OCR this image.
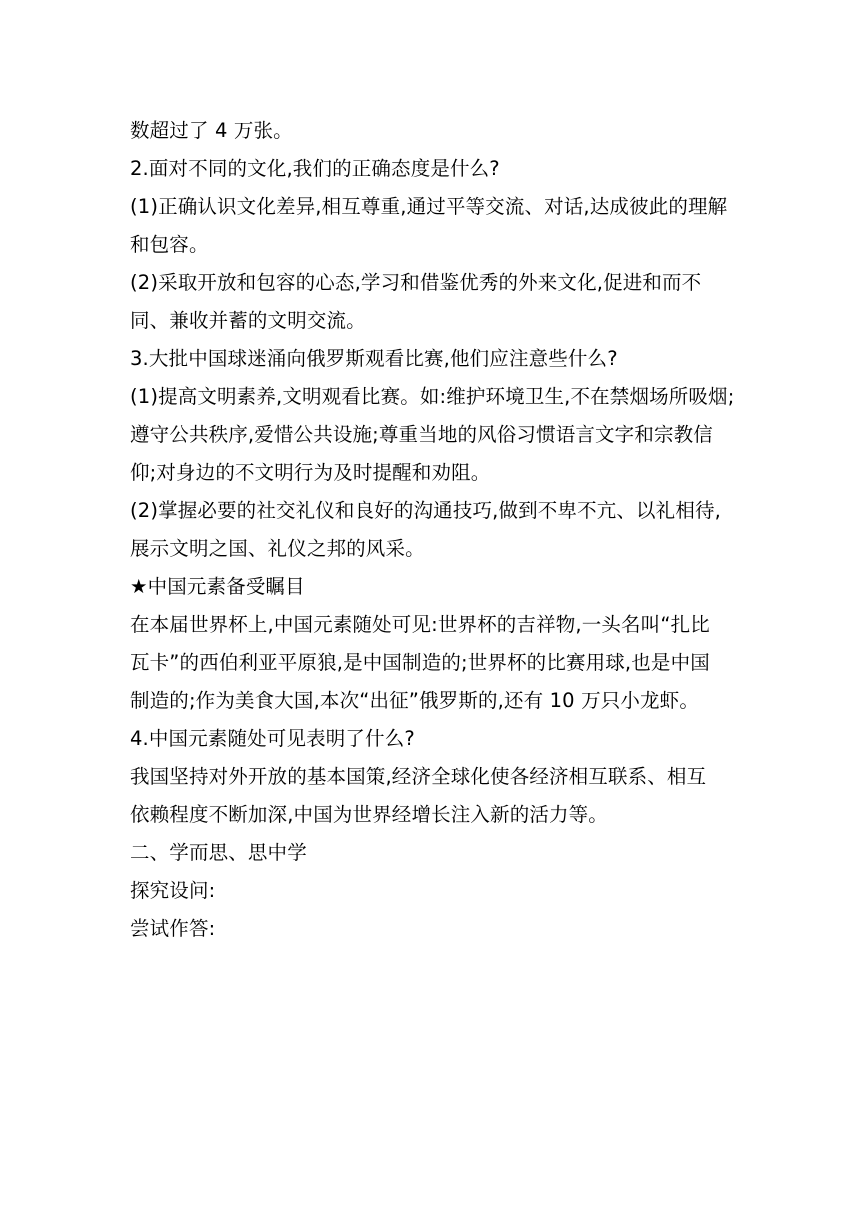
数超过了 4 万张。
2.面对不同的文化,我们的正确态度是什么?
(1)正确认识文化差异,相互尊重,通过平等交流、对话,达成彼此的理解
和包容。
(2)采取开放和包容的心态,学习和借鉴优秀的外来文化,促进和而不
同、兼收并蓄的文明交流。
3.大批中国球迷涌向俄罗斯观看比赛,他们应注意些什么?
(1)提高文明素养,文明观看比赛。如:维护环境卫生,不在禁烟场所吸烟;
遵守公共秩序,爱惜公共设施;尊重当地的风俗习惯语言文字和宗教信
仰;对身边的不文明行为及时提醒和劝阻。
(2)掌握必要的社交礼仪和良好的沟通技巧,做到不卑不亢、以礼相待,
展示文明之国、礼仪之邦的风采。
★中国元素备受瞩目
在本届世界杯上,中国元素随处可见:世界杯的吉祥物,一头名叫“扎比
瓦卡”的西伯利亚平原狼,是中国制造的;世界杯的比赛用球,也是中国
制造的;作为美食大国,本次“出征”俄罗斯的,还有 10 万只小龙虾。
4.中国元素随处可见表明了什么?
我国坚持对外开放的基本国策,经济全球化使各经济相互联系、相互
依赖程度不断加深,中国为世界经增长注入新的活力等。
二、学而思、思中学
探究设问:
尝试作答:
